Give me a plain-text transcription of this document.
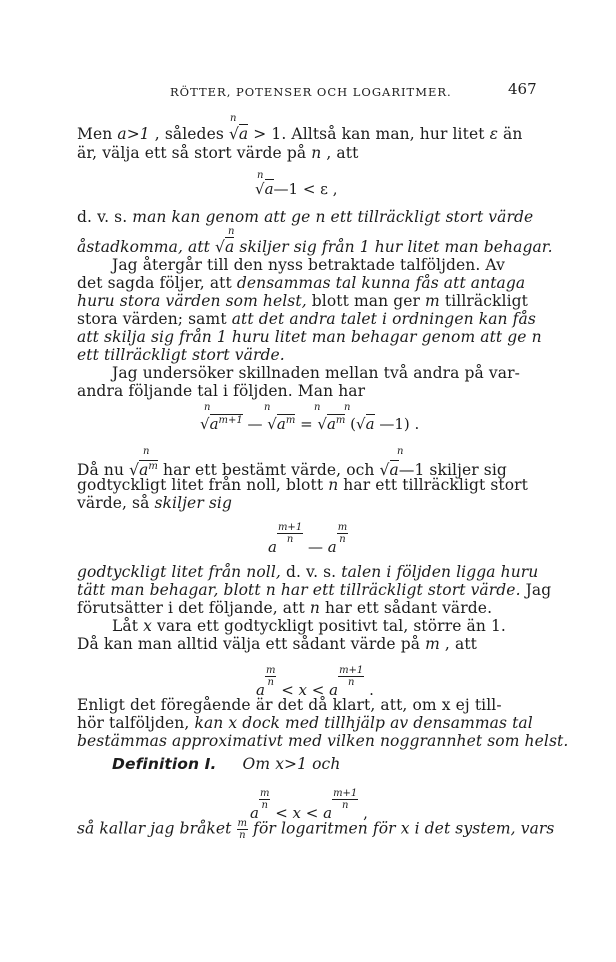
RÖTTER, POTENSER OCH LOGARITMER.	467
n
Men a>1 , således √a > 1. Alltså kan man, hur litet ε än
är, välja ett så stort värde på n , att
n
√a—1 < ε ,
d. v. s. man kan genom att ge n ett tillräckligt stort värde
n
åstadkomma, att √a skiljer sig från 1 hur litet man behagar.
Jag återgår till den nyss betraktade talföljden. Av
det sagda följer, att densammas tal kunna fås att antaga
huru stora värden som helst, blott man ger m tillräckligt
stora värden; samt att det andra talet i ordningen kan fås
att skilja sig från 1 huru litet man behagar genom att ge n
ett tillräckligt stort värde.
Jag undersöker skillnaden mellan två andra på var-
andra följande tal i följden. Man har
n	n	n n
$√a^{m+1}$ — $√a^m = √a^m$ (√a —1) .
n	n
Då nu $√a^m$ har ett bestämt värde, och √a—1 skiljer sig
godtyckligt litet från noll, blott n har ett tillräckligt stort
värde, så skiljer sig
a
$\frac{m+1}{n}$
— a
$\frac{m}{n}$
godtyckligt litet från noll, d. v. s. talen i följden ligga huru
tätt man behagar, blott n har ett tillräckligt stort värde. Jag
förutsätter i det följande, att n har ett sådant värde.
Låt x vara ett godtyckligt positivt tal, större än 1.
Då kan man alltid välja ett sådant värde på m , att
a
$\frac{m}{n}$
< x < a
$\frac{m+1}{n}$
.
Enligt det föregående är det då klart, att, om x ej till-
hör talföljden, kan x dock med tillhjälp av densammas tal
bestämmas approximativt med vilken noggrannhet som helst.
Definition I. Om x>1 och
a
$\frac{m}{n}$
< x < a
$\frac{m+1}{n}$
,
så kallar jag bråket $\frac{m}{n}$ för logaritmen för x i det system, vars
